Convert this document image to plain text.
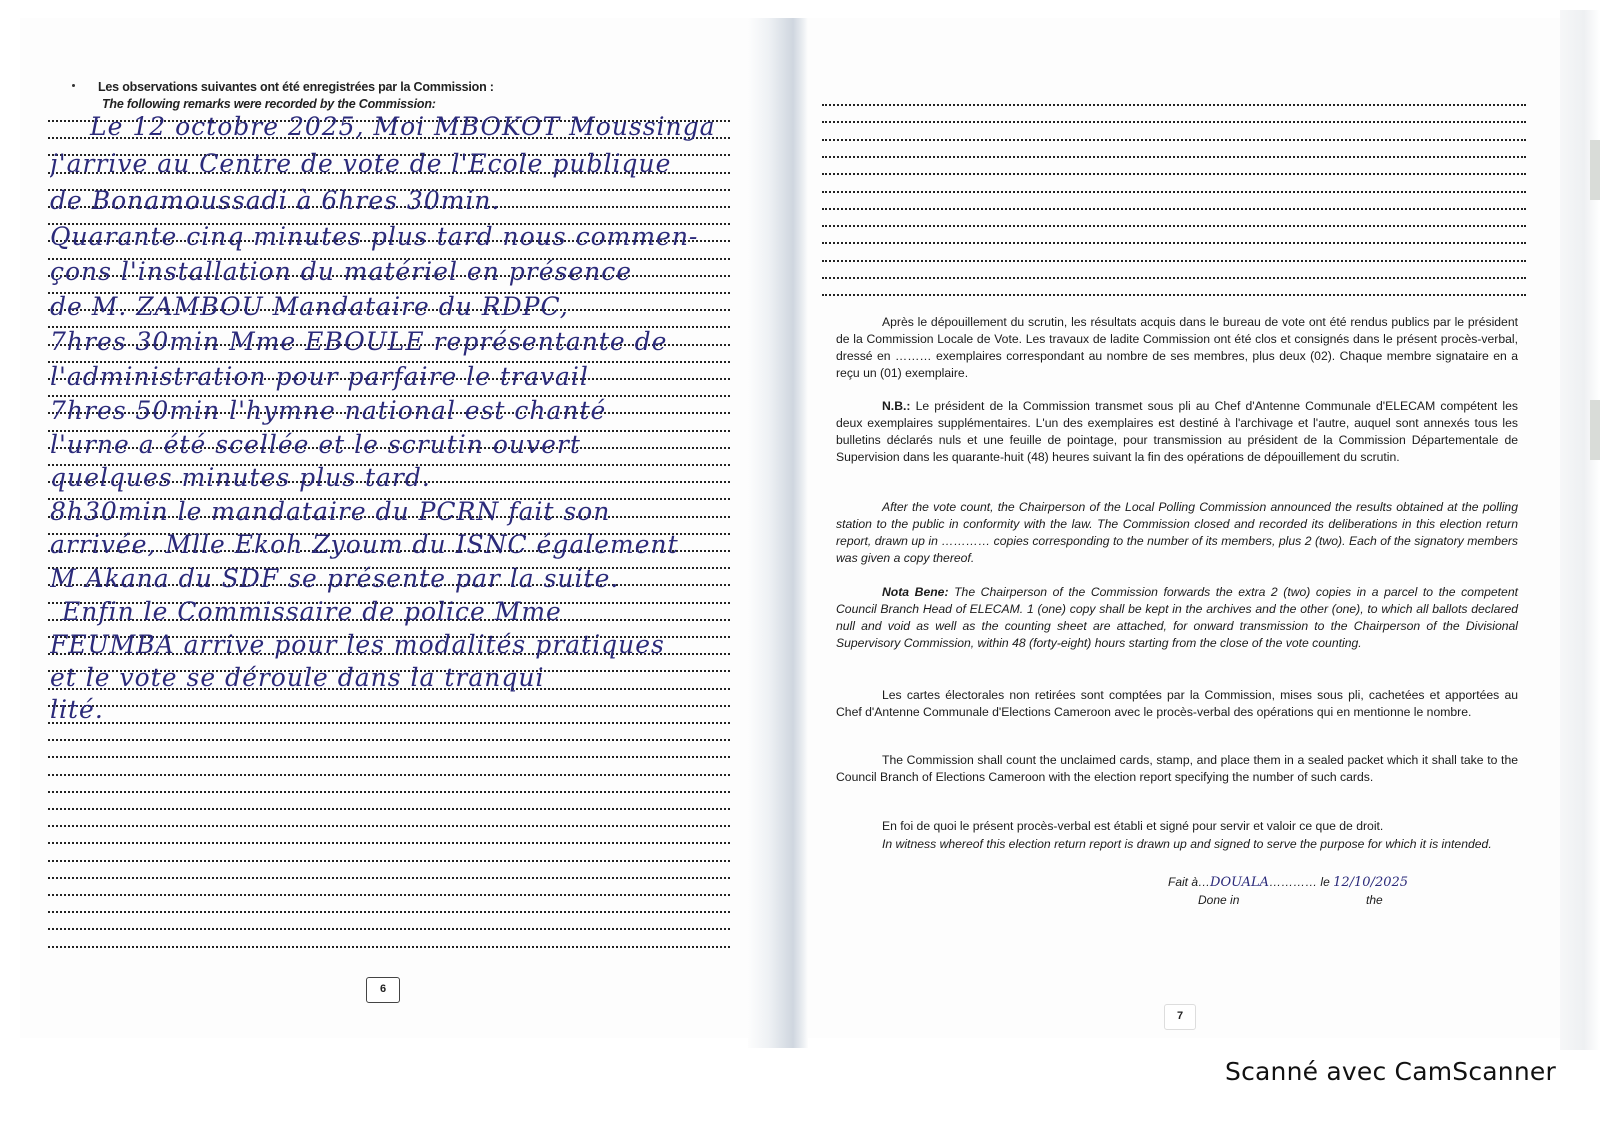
Les observations suivantes ont été enregistrées par la Commission :
The following remarks were recorded by the Commission:
Le 12 octobre 2025, Moi MBOKOT Moussinga
j'arrive au Centre de vote de l'Ecole publique
de Bonamoussadi à 6hres 30min.
Quarante cinq minutes plus tard nous commen-
çons l'installation du matériel en présence
de M. ZAMBOU Mandataire du RDPC,
7hres 30min Mme EBOULE représentante de
l'administration pour parfaire le travail
7hres 50min l'hymne national est chanté
l'urne a été scellée et le scrutin ouvert
quelques minutes plus tard.
8h30min le mandataire du PCRN fait son
arrivée, Mlle Ekoh Zyoum du ISNC également
M Akana du SDF se présente par la suite.
Enfin le Commissaire de police Mme
FEUMBA arrive pour les modalités pratiques
et le vote se déroule dans la tranqui
lité.
6
Après le dépouillement du scrutin, les résultats acquis dans le bureau de vote ont été rendus publics par le président de la Commission Locale de Vote. Les travaux de ladite Commission ont été clos et consignés dans le présent procès-verbal, dressé en ……… exemplaires correspondant au nombre de ses membres, plus deux (02). Chaque membre signataire en a reçu un (01) exemplaire.
N.B.: Le président de la Commission transmet sous pli au Chef d'Antenne Communale d'ELECAM compétent les deux exemplaires supplémentaires. L'un des exemplaires est destiné à l'archivage et l'autre, auquel sont annexés tous les bulletins déclarés nuls et une feuille de pointage, pour transmission au président de la Commission Départementale de Supervision dans les quarante-huit (48) heures suivant la fin des opérations de dépouillement du scrutin.
After the vote count, the Chairperson of the Local Polling Commission announced the results obtained at the polling station to the public in conformity with the law. The Commission closed and recorded its deliberations in this election return report, drawn up in ………… copies corresponding to the number of its members, plus 2 (two). Each of the signatory members was given a copy thereof.
Nota Bene: The Chairperson of the Commission forwards the extra 2 (two) copies in a parcel to the competent Council Branch Head of ELECAM. 1 (one) copy shall be kept in the archives and the other (one), to which all ballots declared null and void as well as the counting sheet are attached, for onward transmission to the Chairperson of the Divisional Supervisory Commission, within 48 (forty-eight) hours starting from the close of the vote counting.
Les cartes électorales non retirées sont comptées par la Commission, mises sous pli, cachetées et apportées au Chef d'Antenne Communale d'Elections Cameroon avec le procès-verbal des opérations qui en mentionne le nombre.
The Commission shall count the unclaimed cards, stamp, and place them in a sealed packet which it shall take to the Council Branch of Elections Cameroon with the election report specifying the number of such cards.
En foi de quoi le présent procès-verbal est établi et signé pour servir et valoir ce que de droit.
In witness whereof this election return report is drawn up and signed to serve the purpose for which it is intended.
Fait à…DOUALA………… le 12/10/2025
Done in	the
7
Scanné avec CamScanner
